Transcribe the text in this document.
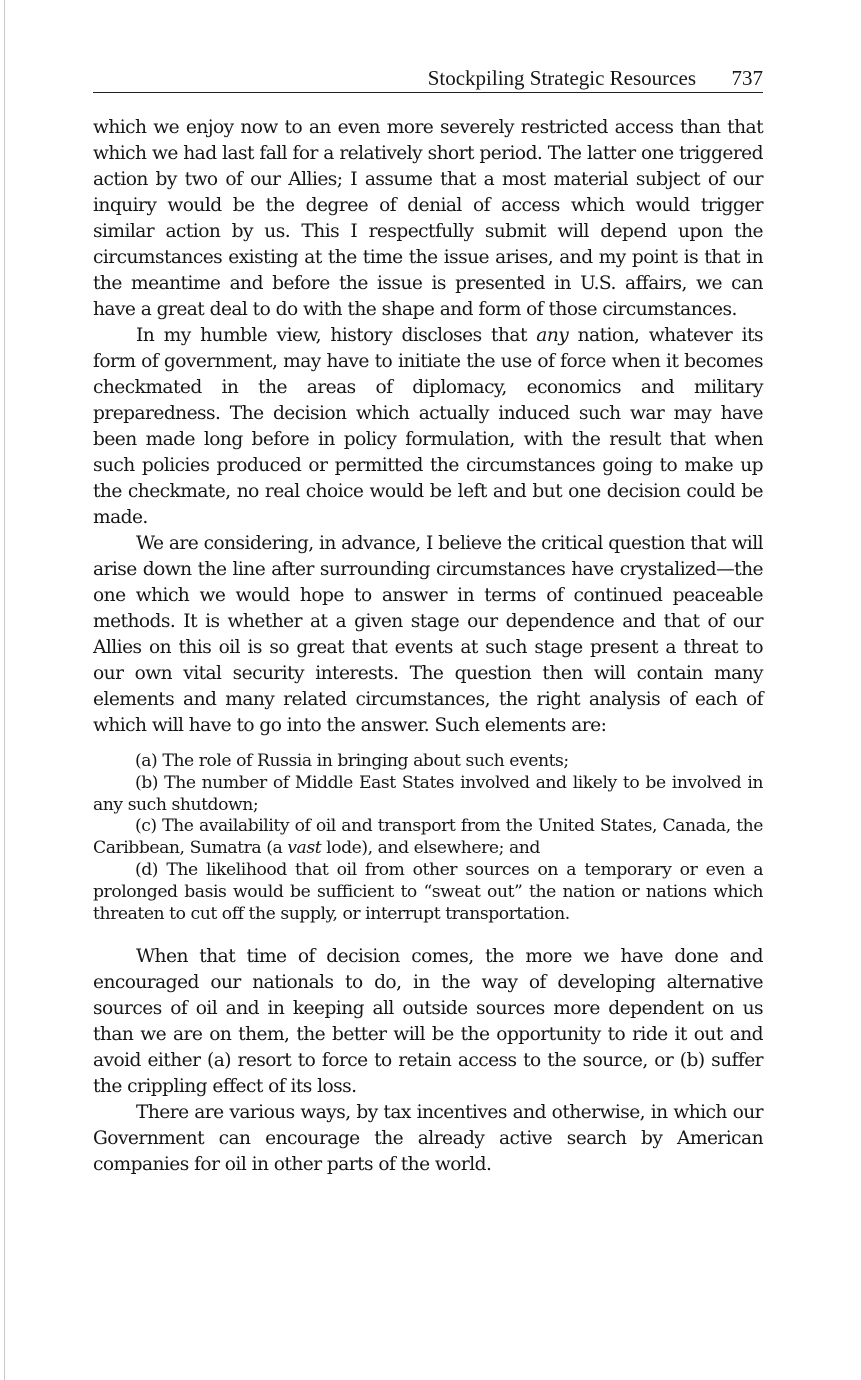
Stockpiling Strategic Resources 737

which we enjoy now to an even more severely restricted access than that which we had last fall for a relatively short period. The latter one triggered action by two of our Allies; I assume that a most material subject of our inquiry would be the degree of denial of access which would trigger similar action by us. This I respectfully submit will depend upon the circumstances existing at the time the issue arises, and my point is that in the meantime and before the issue is presented in U.S. affairs, we can have a great deal to do with the shape and form of those circumstances.

In my humble view, history discloses that any nation, whatever its form of government, may have to initiate the use of force when it becomes checkmated in the areas of diplomacy, economics and military preparedness. The decision which actually induced such war may have been made long before in policy formulation, with the result that when such policies produced or permitted the circumstances going to make up the checkmate, no real choice would be left and but one decision could be made.

We are considering, in advance, I believe the critical question that will arise down the line after surrounding circumstances have crystalized—the one which we would hope to answer in terms of continued peaceable methods. It is whether at a given stage our dependence and that of our Allies on this oil is so great that events at such stage present a threat to our own vital security interests. The question then will contain many elements and many related circumstances, the right analysis of each of which will have to go into the answer. Such elements are:

(a) The role of Russia in bringing about such events;

(b) The number of Middle East States involved and likely to be involved in any such shutdown;

(c) The availability of oil and transport from the United States, Canada, the Caribbean, Sumatra (a vast lode), and elsewhere; and

(d) The likelihood that oil from other sources on a temporary or even a prolonged basis would be sufficient to “sweat out” the nation or nations which threaten to cut off the supply, or interrupt transportation.

When that time of decision comes, the more we have done and encouraged our nationals to do, in the way of developing alternative sources of oil and in keeping all outside sources more dependent on us than we are on them, the better will be the opportunity to ride it out and avoid either (a) resort to force to retain access to the source, or (b) suffer the crippling effect of its loss.

There are various ways, by tax incentives and otherwise, in which our Government can encourage the already active search by American companies for oil in other parts of the world.
